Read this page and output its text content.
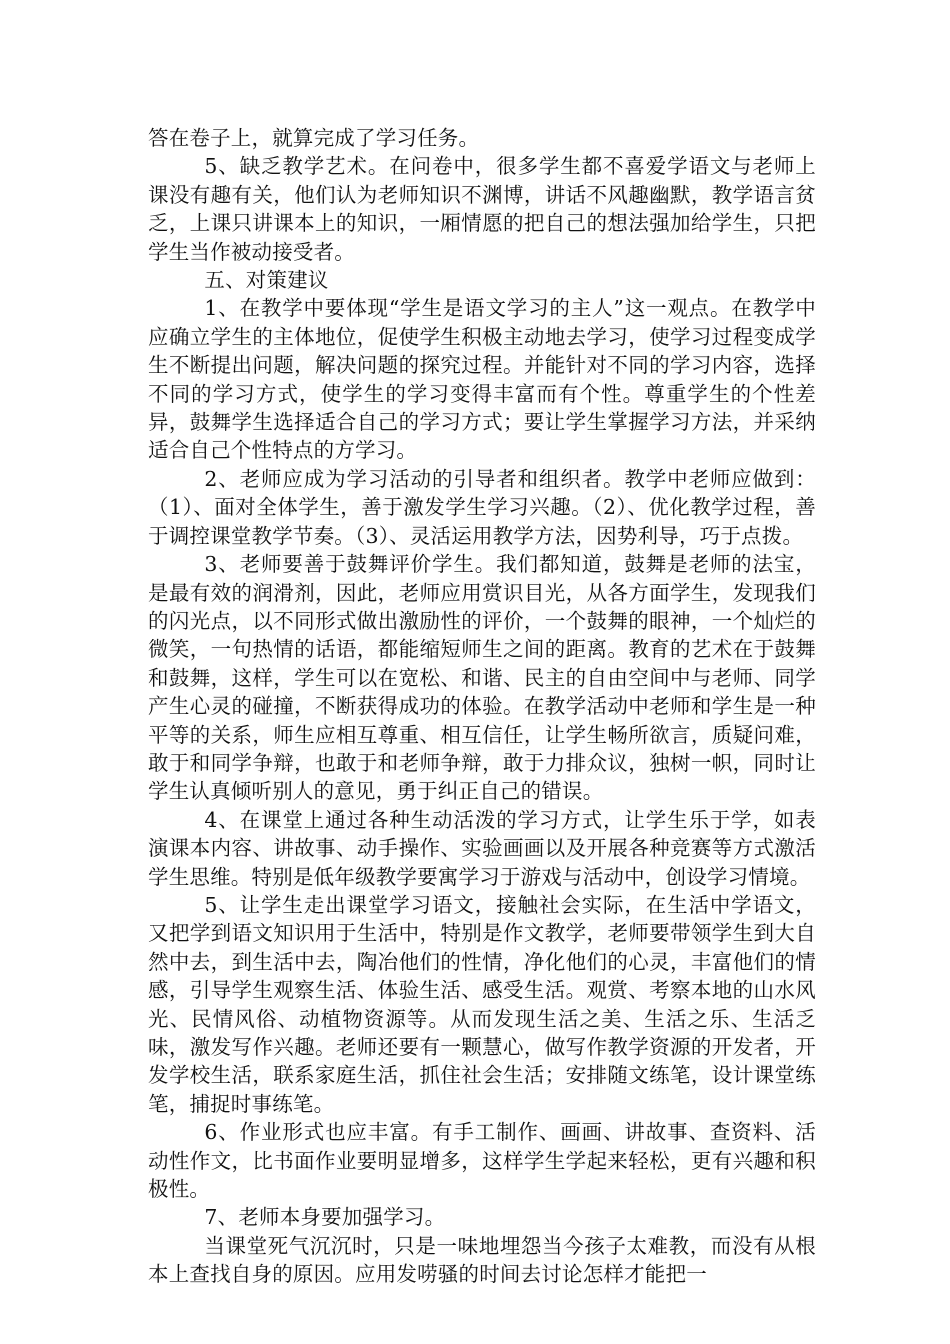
答在卷子上，就算完成了学习任务。

5、缺乏教学艺术。在问卷中，很多学生都不喜爱学语文与老师上课没有趣有关，他们认为老师知识不渊博，讲话不风趣幽默，教学语言贫乏，上课只讲课本上的知识，一厢情愿的把自己的想法强加给学生，只把学生当作被动接受者。

五、对策建议

1、在教学中要体现“学生是语文学习的主人”这一观点。在教学中应确立学生的主体地位，促使学生积极主动地去学习，使学习过程变成学生不断提出问题，解决问题的探究过程。并能针对不同的学习内容，选择不同的学习方式，使学生的学习变得丰富而有个性。尊重学生的个性差异，鼓舞学生选择适合自己的学习方式；要让学生掌握学习方法，并采纳适合自己个性特点的方学习。

2、老师应成为学习活动的引导者和组织者。教学中老师应做到：（1）、面对全体学生，善于激发学生学习兴趣。（2）、优化教学过程，善于调控课堂教学节奏。（3）、灵活运用教学方法，因势利导，巧于点拨。

3、老师要善于鼓舞评价学生。我们都知道，鼓舞是老师的法宝，是最有效的润滑剂，因此，老师应用赏识目光，从各方面学生，发现我们的闪光点，以不同形式做出激励性的评价，一个鼓舞的眼神，一个灿烂的微笑，一句热情的话语，都能缩短师生之间的距离。教育的艺术在于鼓舞和鼓舞，这样，学生可以在宽松、和谐、民主的自由空间中与老师、同学产生心灵的碰撞，不断获得成功的体验。在教学活动中老师和学生是一种平等的关系，师生应相互尊重、相互信任，让学生畅所欲言，质疑问难，敢于和同学争辩，也敢于和老师争辩，敢于力排众议，独树一帜，同时让学生认真倾听别人的意见，勇于纠正自己的错误。

4、在课堂上通过各种生动活泼的学习方式，让学生乐于学，如表演课本内容、讲故事、动手操作、实验画画以及开展各种竞赛等方式激活学生思维。特别是低年级教学要寓学习于游戏与活动中，创设学习情境。

5、让学生走出课堂学习语文，接触社会实际，在生活中学语文，又把学到语文知识用于生活中，特别是作文教学，老师要带领学生到大自然中去，到生活中去，陶冶他们的性情，净化他们的心灵，丰富他们的情感，引导学生观察生活、体验生活、感受生活。观赏、考察本地的山水风光、民情风俗、动植物资源等。从而发现生活之美、生活之乐、生活乏味，激发写作兴趣。老师还要有一颗慧心，做写作教学资源的开发者，开发学校生活，联系家庭生活，抓住社会生活；安排随文练笔，设计课堂练笔，捕捉时事练笔。

6、作业形式也应丰富。有手工制作、画画、讲故事、查资料、活动性作文，比书面作业要明显增多，这样学生学起来轻松，更有兴趣和积极性。

7、老师本身要加强学习。

当课堂死气沉沉时，只是一味地埋怨当今孩子太难教，而没有从根本上查找自身的原因。应用发唠骚的时间去讨论怎样才能把一
